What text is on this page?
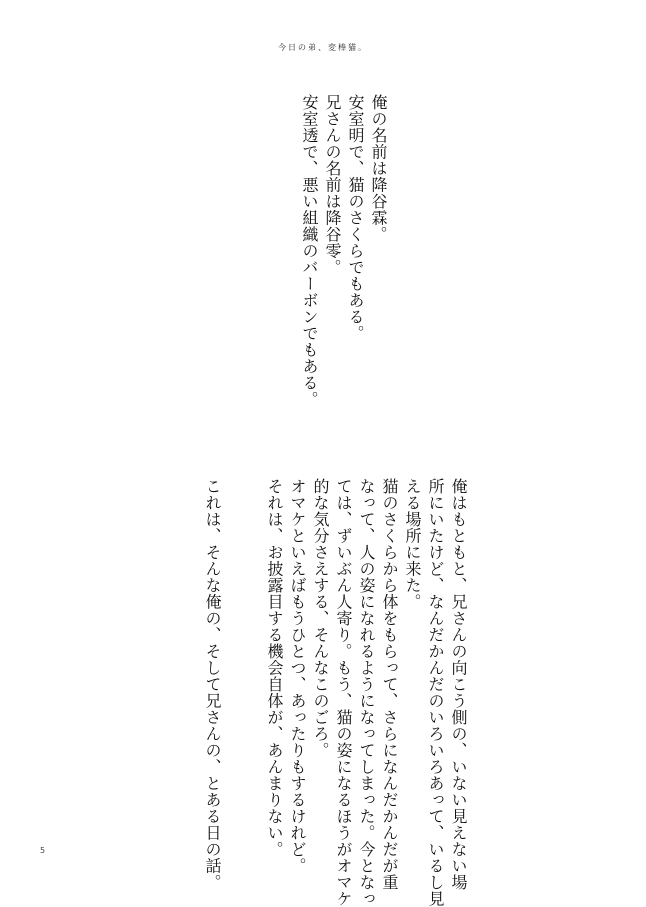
今日の弟、変棒猫。
俺の名前は降谷霖。
安室明で、猫のさくらでもある。
兄さんの名前は降谷零。
安室透で、悪い組織のバーボンでもある。
俺はもともと、兄さんの向こう側の、いない見えない場
所にいたけど、なんだかんだのいろいろあって、いるし見
える場所に来た。
猫のさくらから体をもらって、さらになんだかんだが重
なって、人の姿になれるようになってしまった。今となっ
ては、ずいぶん人寄り。もう、猫の姿になるほうがオマケ
的な気分さえする、そんなこのごろ。
オマケといえばもうひとつ、あったりもするけれど。
それは、お披露目する機会自体が、あんまりない。
これは、そんな俺の、そして兄さんの、とある日の話。
5
